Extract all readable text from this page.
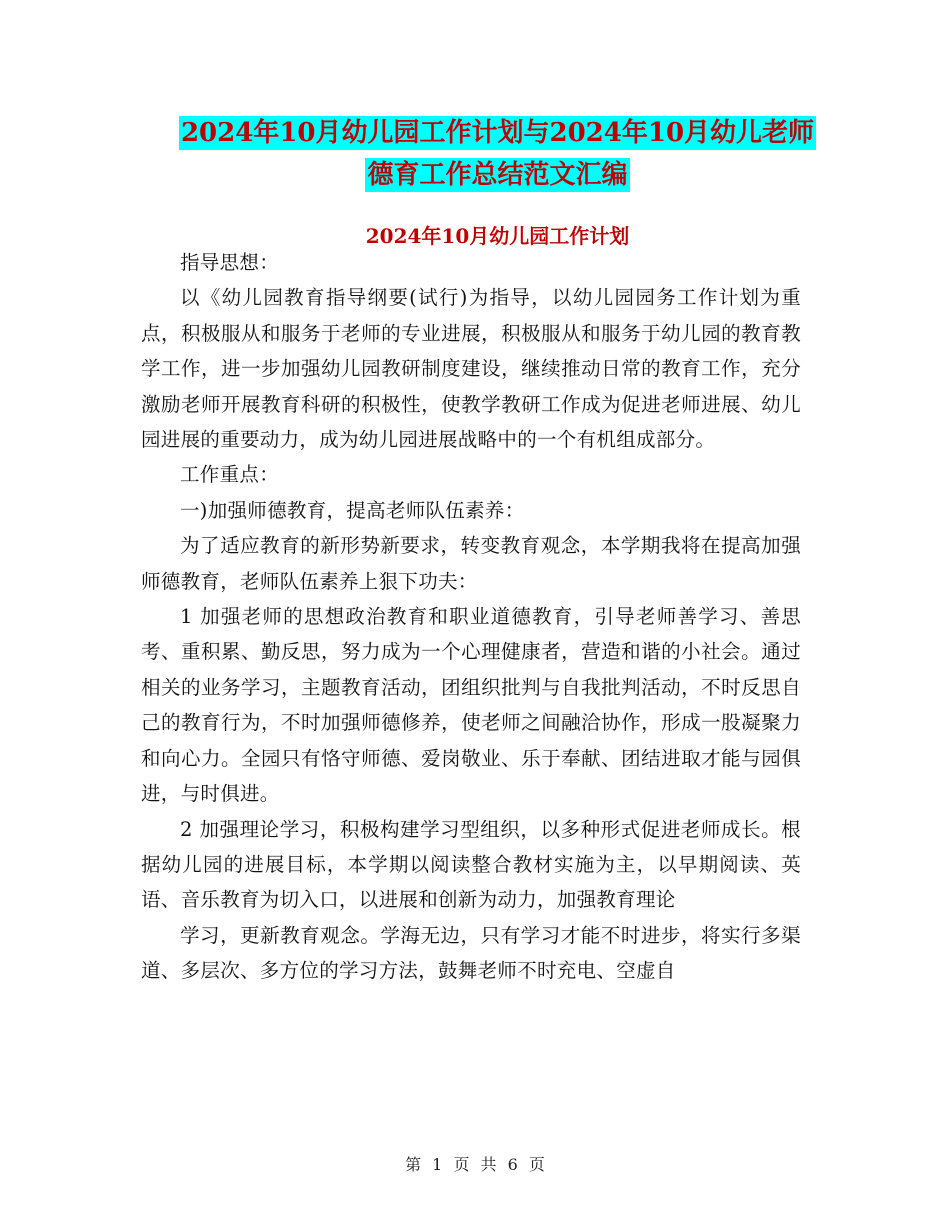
2024年10月幼儿园工作计划与2024年10月幼儿老师
德育工作总结范文汇编
2024年10月幼儿园工作计划

指导思想：

以《幼儿园教育指导纲要(试行)为指导，以幼儿园园务工作计划为重点，积极服从和服务于老师的专业进展，积极服从和服务于幼儿园的教育教学工作，进一步加强幼儿园教研制度建设，继续推动日常的教育工作，充分激励老师开展教育科研的积极性，使教学教研工作成为促进老师进展、幼儿园进展的重要动力，成为幼儿园进展战略中的一个有机组成部分。

工作重点：

一)加强师德教育，提高老师队伍素养：

为了适应教育的新形势新要求，转变教育观念，本学期我将在提高加强师德教育，老师队伍素养上狠下功夫：

1 加强老师的思想政治教育和职业道德教育，引导老师善学习、善思考、重积累、勤反思，努力成为一个心理健康者，营造和谐的小社会。通过相关的业务学习，主题教育活动，团组织批判与自我批判活动，不时反思自己的教育行为，不时加强师德修养，使老师之间融洽协作，形成一股凝聚力和向心力。全园只有恪守师德、爱岗敬业、乐于奉献、团结进取才能与园俱进，与时俱进。

2 加强理论学习，积极构建学习型组织，以多种形式促进老师成长。根据幼儿园的进展目标，本学期以阅读整合教材实施为主，以早期阅读、英语、音乐教育为切入口，以进展和创新为动力，加强教育理论

学习，更新教育观念。学海无边，只有学习才能不时进步，将实行多渠道、多层次、多方位的学习方法，鼓舞老师不时充电、空虚自

第 1 页 共 6 页
